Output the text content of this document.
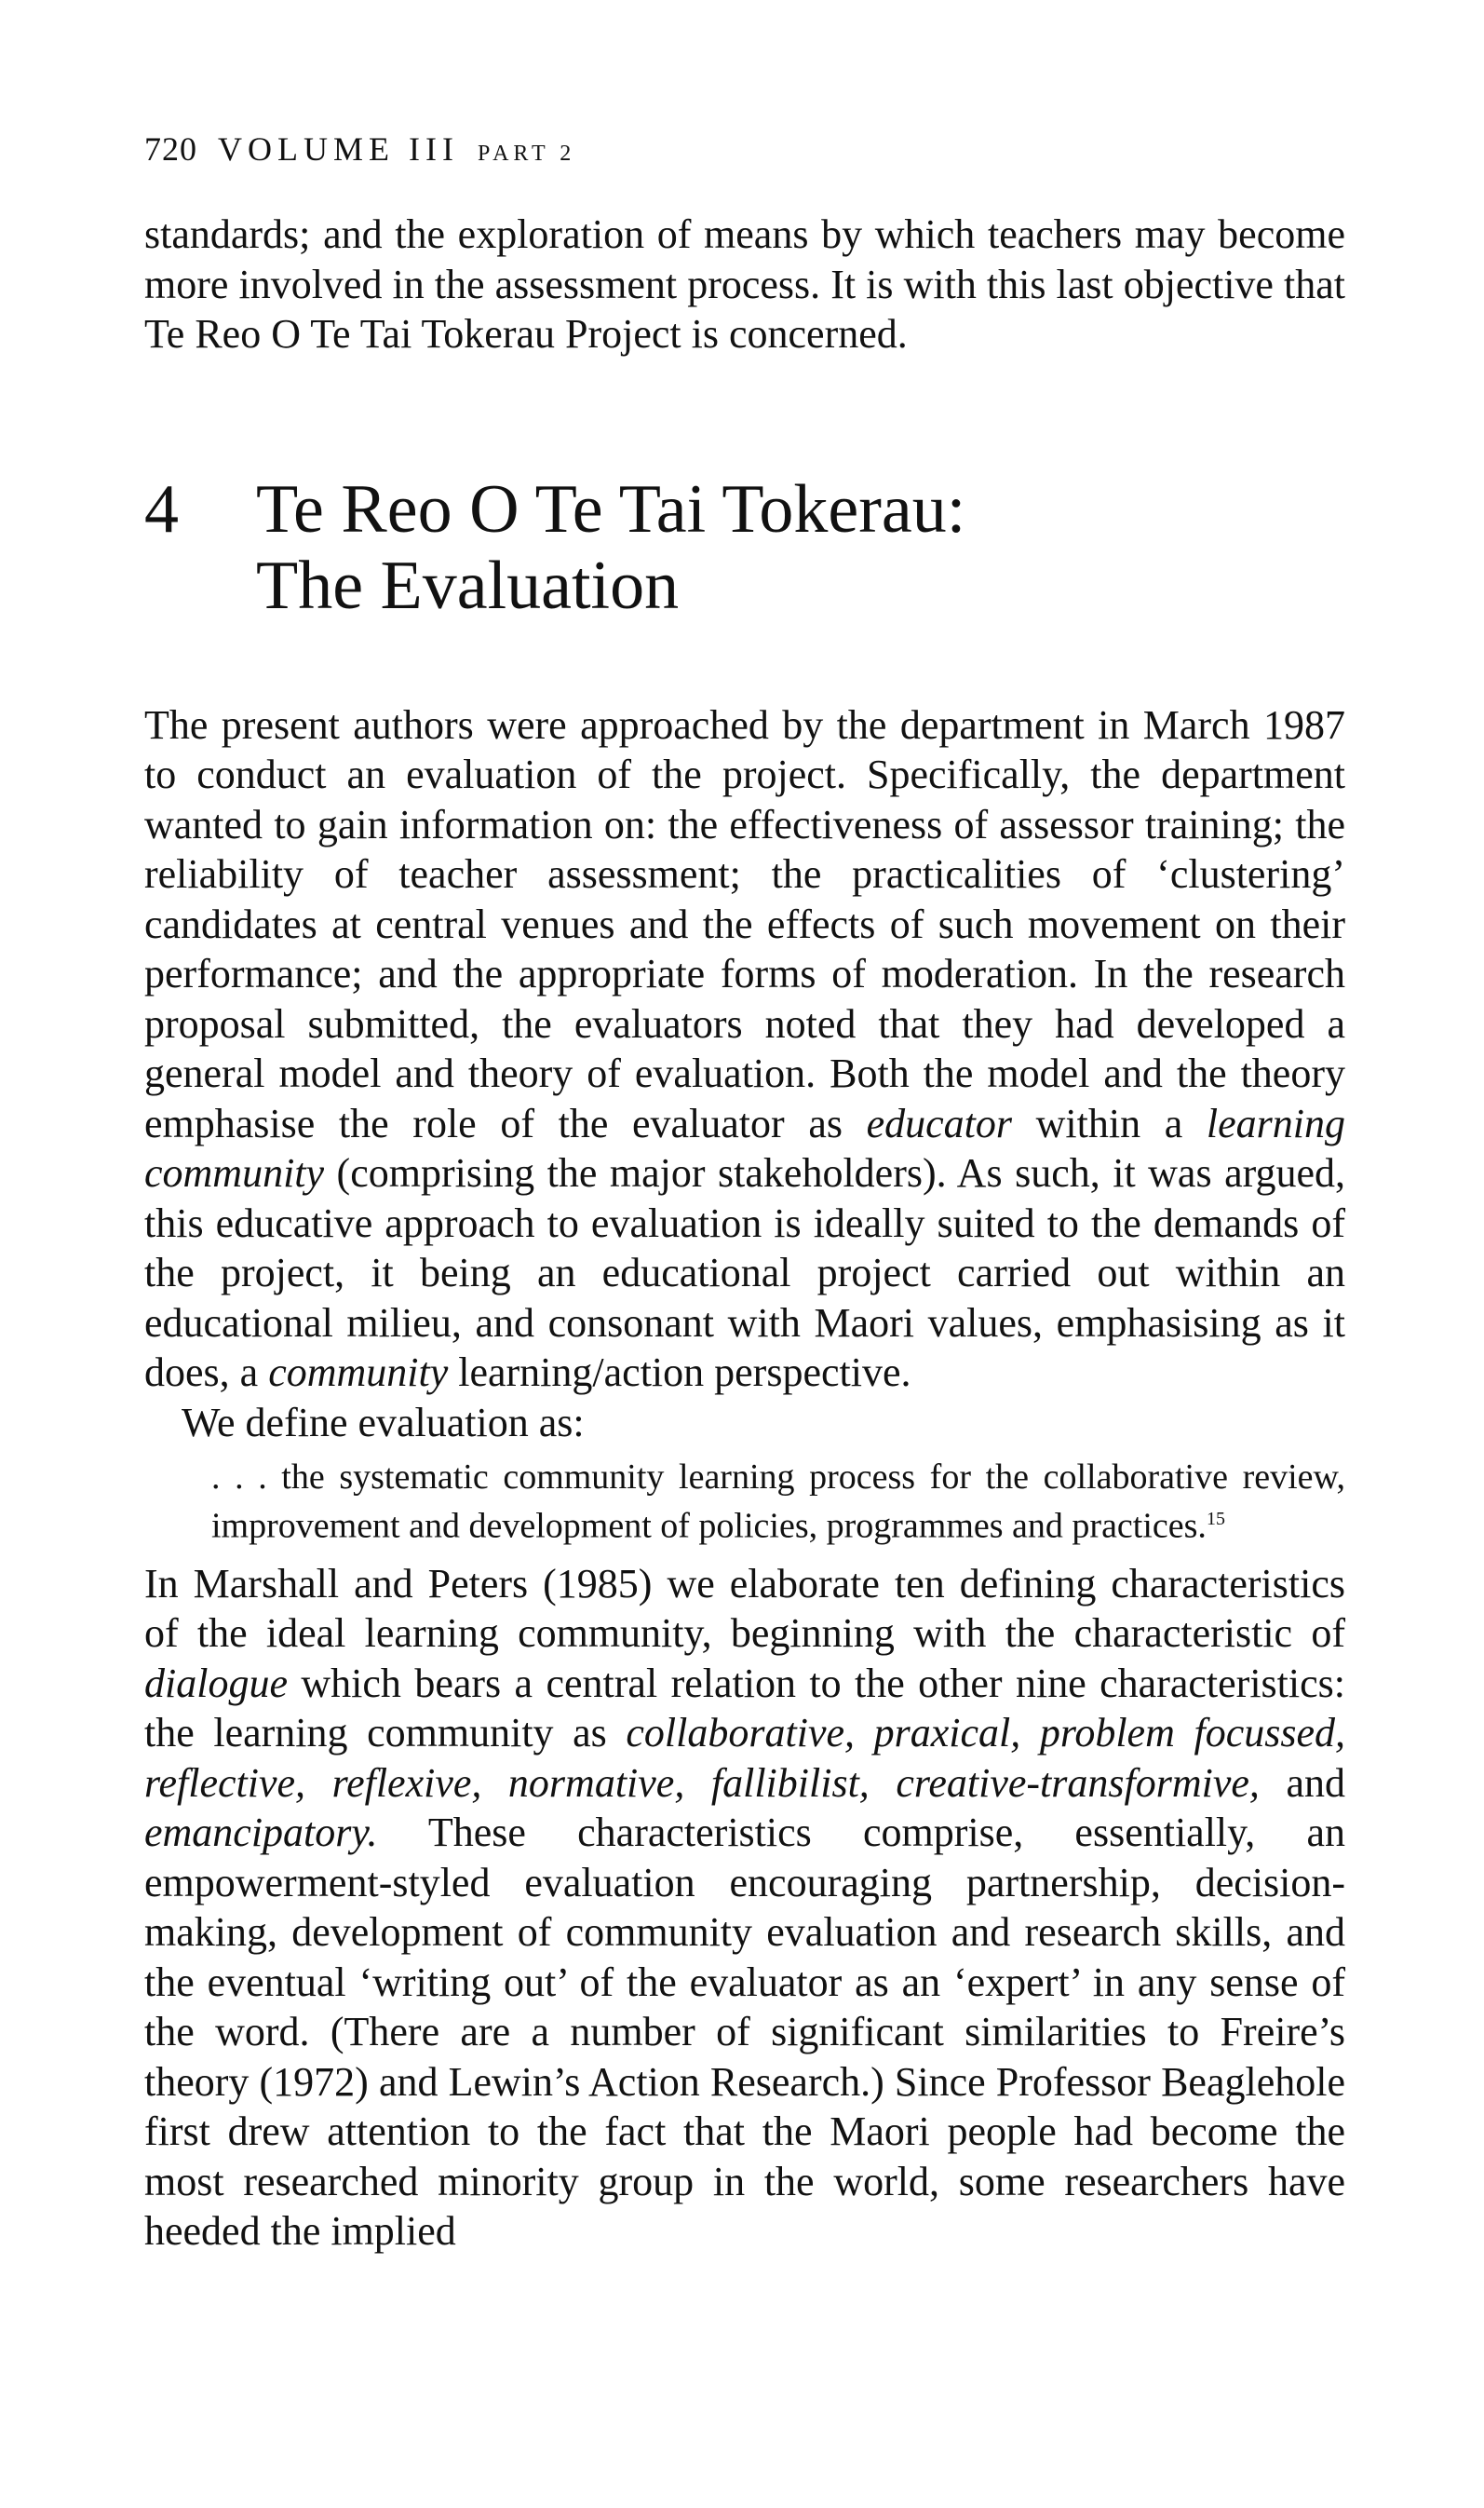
720 VOLUME III PART 2

standards; and the exploration of means by which teachers may become more involved in the assessment process. It is with this last objective that Te Reo O Te Tai Tokerau Project is concerned.

4	Te Reo O Te Tai Tokerau:
The Evaluation

The present authors were approached by the department in March 1987 to conduct an evaluation of the project. Specifically, the department wanted to gain information on: the effectiveness of assessor training; the reliability of teacher assessment; the practicalities of ‘clustering’ candidates at central venues and the effects of such movement on their performance; and the appropriate forms of moderation. In the research proposal submitted, the evaluators noted that they had developed a general model and theory of evaluation. Both the model and the theory emphasise the role of the evaluator as educator within a learning community (comprising the major stakeholders). As such, it was argued, this educative approach to evaluation is ideally suited to the demands of the project, it being an educational project carried out within an educational milieu, and consonant with Maori values, emphasising as it does, a community learning/action perspective.

We define evaluation as:

. . . the systematic community learning process for the collaborative review, improvement and development of policies, programmes and practices.$^{15}$

In Marshall and Peters (1985) we elaborate ten defining characteristics of the ideal learning community, beginning with the characteristic of dialogue which bears a central relation to the other nine characteristics: the learning community as collaborative, praxical, problem focussed, reflective, reflexive, normative, fallibilist, creative-transformive, and emancipatory. These characteristics comprise, essentially, an empowerment-styled evaluation encouraging partnership, decision-making, development of community evaluation and research skills, and the eventual ‘writing out’ of the evaluator as an ‘expert’ in any sense of the word. (There are a number of significant similarities to Freire’s theory (1972) and Lewin’s Action Research.) Since Professor Beaglehole first drew attention to the fact that the Maori people had become the most researched minority group in the world, some researchers have heeded the implied
